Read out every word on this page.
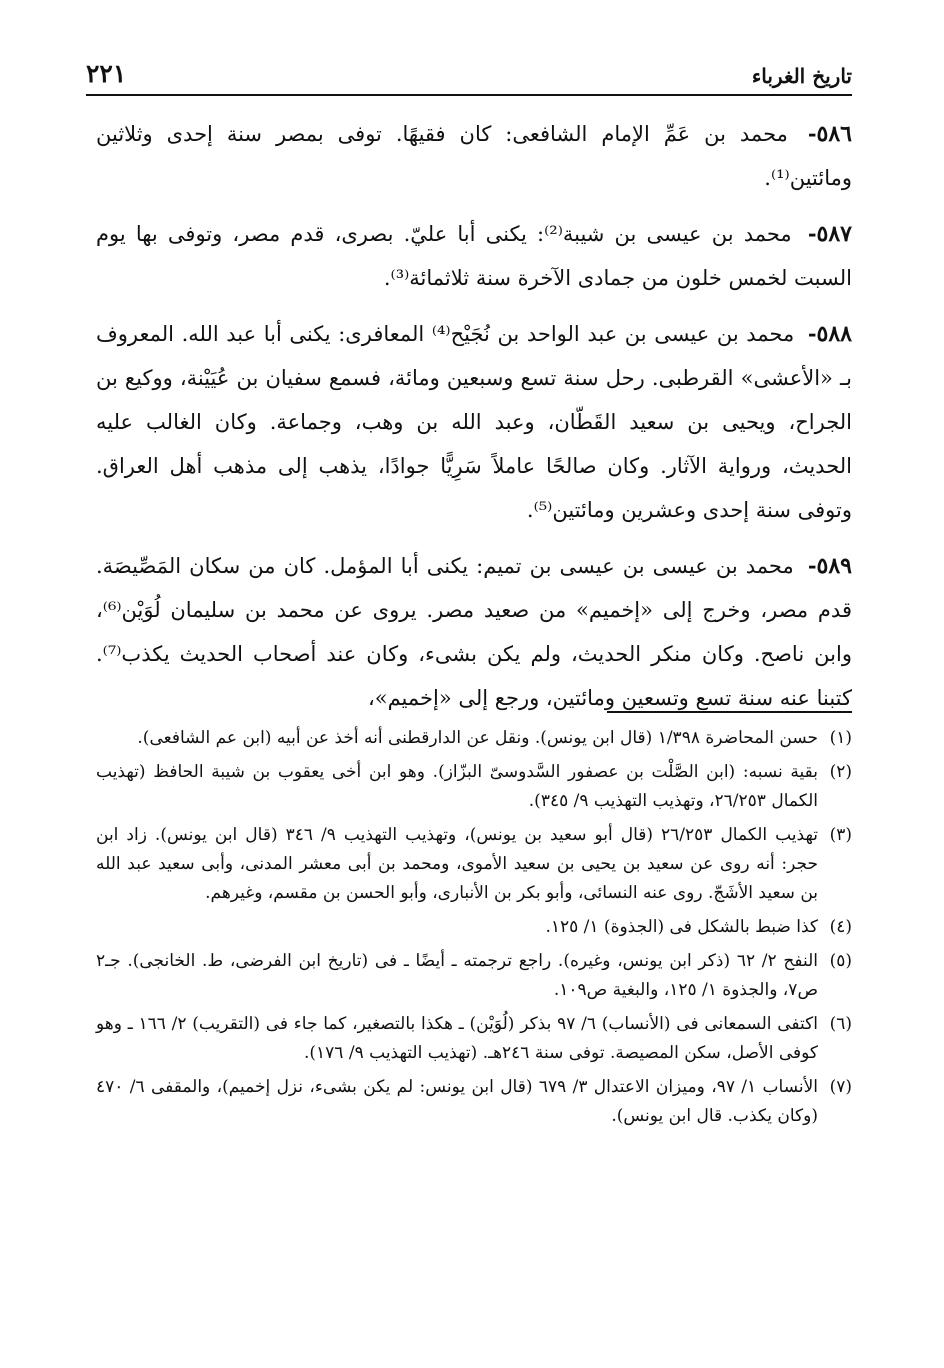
تاريخ الغرباء
٢٢١

٥٨٦- محمد بن عَمِّ الإمام الشافعى: كان فقيهًا. توفى بمصر سنة إحدى وثلاثين ومائتين⁽¹⁾.

٥٨٧- محمد بن عيسى بن شيبة⁽²⁾: يكنى أبا عليّ. بصرى، قدم مصر، وتوفى بها يوم السبت لخمس خلون من جمادى الآخرة سنة ثلاثمائة⁽³⁾.

٥٨٨- محمد بن عيسى بن عبد الواحد بن نُجَيْح⁽⁴⁾ المعافرى: يكنى أبا عبد الله. المعروف بـ «الأعشى» القرطبى. رحل سنة تسع وسبعين ومائة، فسمع سفيان بن عُيَيْنة، ووكيع بن الجراح، ويحيى بن سعيد القَطّان، وعبد الله بن وهب، وجماعة. وكان الغالب عليه الحديث، ورواية الآثار. وكان صالحًا عاملاً سَرِيًّا جوادًا، يذهب إلى مذهب أهل العراق. وتوفى سنة إحدى وعشرين ومائتين⁽⁵⁾.

٥٨٩- محمد بن عيسى بن عيسى بن تميم: يكنى أبا المؤمل. كان من سكان المَصِّيصَة. قدم مصر، وخرج إلى «إخميم» من صعيد مصر. يروى عن محمد بن سليمان لُوَيْن⁽⁶⁾، وابن ناصح. وكان منكر الحديث، ولم يكن بشىء، وكان عند أصحاب الحديث يكذب⁽⁷⁾. كتبنا عنه سنة تسع وتسعين ومائتين، ورجع إلى «إخميم»،

(١)
حسن المحاضرة ١/٣٩٨ (قال ابن يونس). ونقل عن الدارقطنى أنه أخذ عن أبيه (ابن عم الشافعى).

(٢)
بقية نسبه: (ابن الصَّلْت بن عصفور السَّدوسىّ البزّاز). وهو ابن أخى يعقوب بن شيبة الحافظ (تهذيب الكمال ٢٦/٢٥٣، وتهذيب التهذيب ٩/ ٣٤٥).

(٣)
تهذيب الكمال ٢٦/٢٥٣ (قال أبو سعيد بن يونس)، وتهذيب التهذيب ٩/ ٣٤٦ (قال ابن يونس). زاد ابن حجر: أنه روى عن سعيد بن يحيى بن سعيد الأموى، ومحمد بن أبى معشر المدنى، وأبى سعيد عبد الله بن سعيد الأشَجّ. روى عنه النسائى، وأبو بكر بن الأنبارى، وأبو الحسن بن مقسم، وغيرهم.

(٤)
كذا ضبط بالشكل فى (الجذوة) ١/ ١٢٥.

(٥)
النفح ٢/ ٦٢ (ذكر ابن يونس، وغيره). راجع ترجمته ـ أيضًا ـ فى (تاريخ ابن الفرضى، ط. الخانجى). جـ٢ ص٧، والجذوة ١/ ١٢٥، والبغية ص١٠٩.

(٦)
اكتفى السمعانى فى (الأنساب) ٦/ ٩٧ بذكر (لُوَيْن) ـ هكذا بالتصغير، كما جاء فى (التقريب) ٢/ ١٦٦ ـ وهو كوفى الأصل، سكن المصيصة. توفى سنة ٢٤٦هـ. (تهذيب التهذيب ٩/ ١٧٦).

(٧)
الأنساب ١/ ٩٧، وميزان الاعتدال ٣/ ٦٧٩ (قال ابن يونس: لم يكن بشىء، نزل إخميم)، والمقفى ٦/ ٤٧٠ (وكان يكذب. قال ابن يونس).
